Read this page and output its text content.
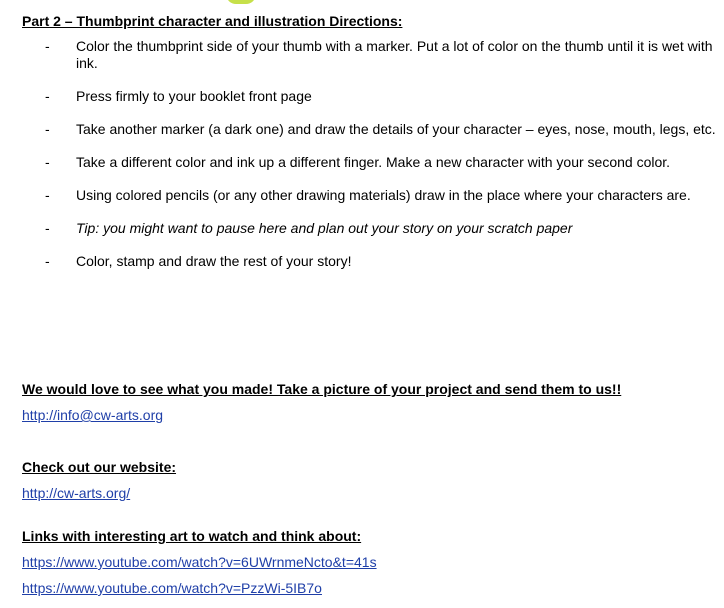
Part 2 – Thumbprint character and illustration Directions:
- Color the thumbprint side of your thumb with a marker. Put a lot of color on the thumb until it is wet with ink.
- Press firmly to your booklet front page
- Take another marker (a dark one) and draw the details of your character – eyes, nose, mouth, legs, etc.
- Take a different color and ink up a different finger. Make a new character with your second color.
- Using colored pencils (or any other drawing materials) draw in the place where your characters are.
- Tip: you might want to pause here and plan out your story on your scratch paper
- Color, stamp and draw the rest of your story!
We would love to see what you made! Take a picture of your project and send them to us!!
http://info@cw-arts.org
Check out our website:
http://cw-arts.org/
Links with interesting art to watch and think about:
https://www.youtube.com/watch?v=6UWrnmeNcto&t=41s
https://www.youtube.com/watch?v=PzzWi-5IB7o
